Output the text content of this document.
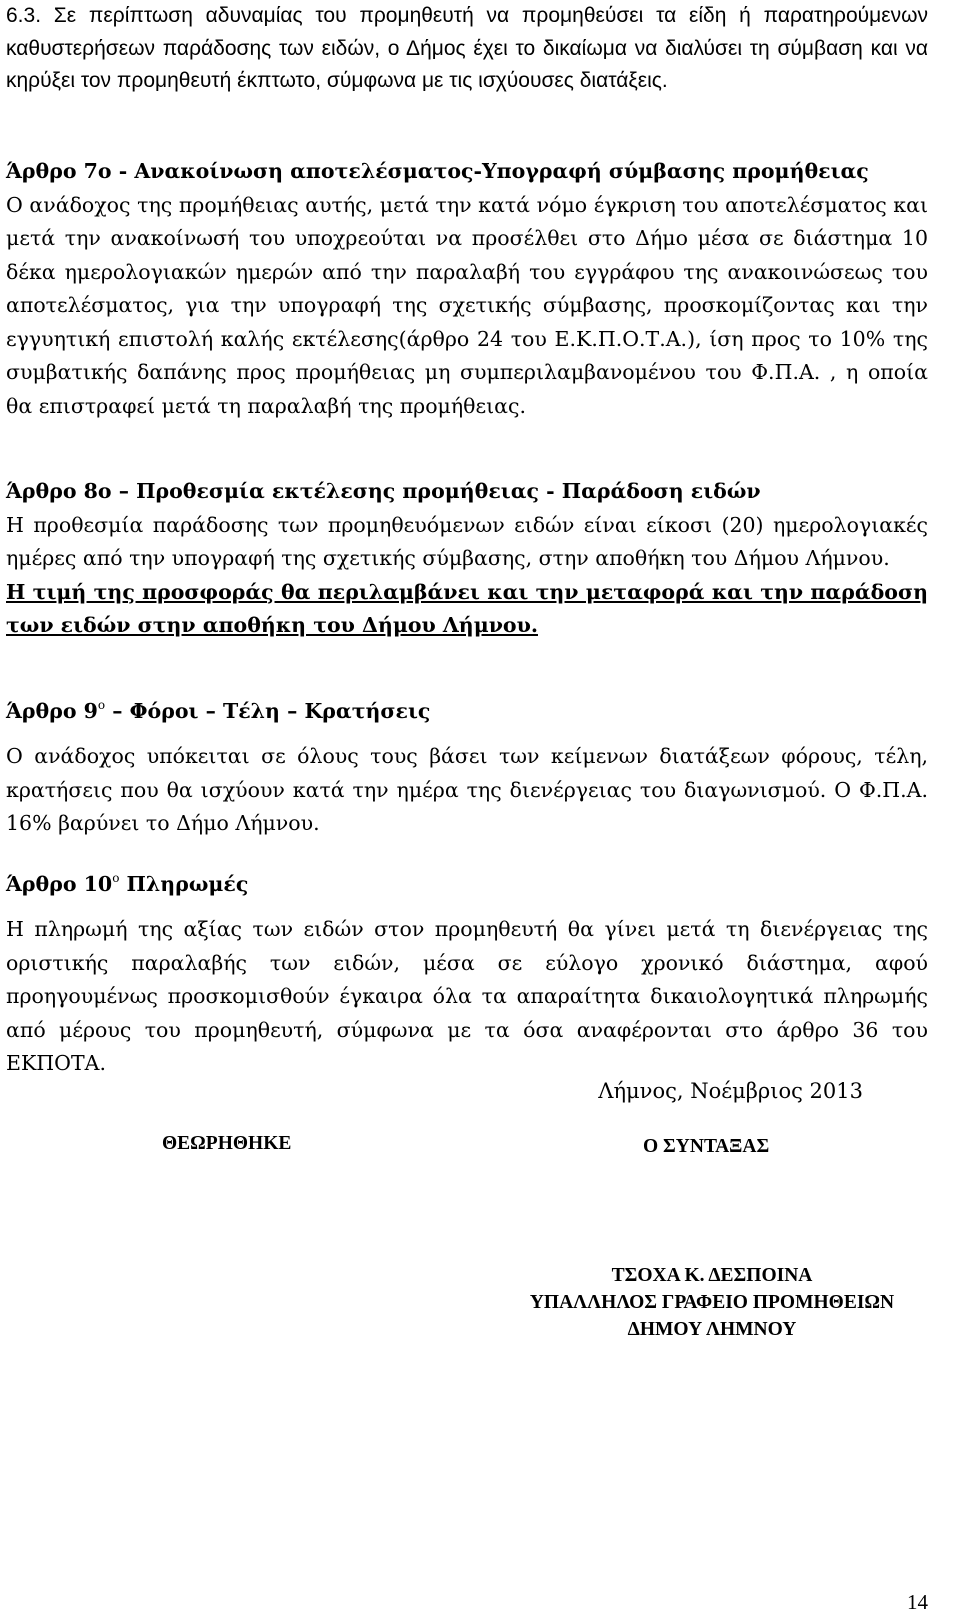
6.3. Σε περίπτωση αδυναμίας του προμηθευτή να προμηθεύσει τα είδη ή παρατηρούμενων καθυστερήσεων παράδοσης των ειδών, ο Δήμος έχει το δικαίωμα να διαλύσει τη σύμβαση και να κηρύξει τον προμηθευτή έκπτωτο, σύμφωνα με τις ισχύουσες διατάξεις.

Άρθρο 7ο - Ανακοίνωση αποτελέσματος-Υπογραφή σύμβασης προμήθειας
Ο ανάδοχος της προμήθειας αυτής, μετά την κατά νόμο έγκριση του αποτελέσματος και μετά την ανακοίνωσή του υποχρεούται να προσέλθει στο Δήμο μέσα σε διάστημα 10 δέκα ημερολογιακών ημερών από την παραλαβή του εγγράφου της ανακοινώσεως του αποτελέσματος, για την υπογραφή της σχετικής σύμβασης, προσκομίζοντας και την εγγυητική επιστολή καλής εκτέλεσης(άρθρο 24 του Ε.Κ.Π.Ο.Τ.Α.), ίση προς το 10% της συμβατικής δαπάνης προς προμήθειας μη συμπεριλαμβανομένου του Φ.Π.Α. , η οποία θα επιστραφεί μετά τη παραλαβή της προμήθειας.
Άρθρο 8ο – Προθεσμία εκτέλεσης προμήθειας - Παράδοση ειδών
Η προθεσμία παράδοσης των προμηθευόμενων ειδών είναι είκοσι (20) ημερολογιακές ημέρες από την υπογραφή της σχετικής σύμβασης, στην αποθήκη του Δήμου Λήμνου.
Η τιμή της προσφοράς θα περιλαμβάνει και την μεταφορά και την παράδοση των ειδών στην αποθήκη του Δήμου Λήμνου.
Άρθρο $9^o$ – Φόροι – Τέλη – Κρατήσεις

Ο ανάδοχος υπόκειται σε όλους τους βάσει των κείμενων διατάξεων φόρους, τέλη, κρατήσεις που θα ισχύουν κατά την ημέρα της διενέργειας του διαγωνισμού. Ο Φ.Π.Α. 16% βαρύνει το Δήμο Λήμνου.

Άρθρο $10^o$ Πληρωμές

Η πληρωμή της αξίας των ειδών στον προμηθευτή θα γίνει μετά τη διενέργειας της οριστικής παραλαβής των ειδών, μέσα σε εύλογο χρονικό διάστημα, αφού προηγουμένως προσκομισθούν έγκαιρα όλα τα απαραίτητα δικαιολογητικά πληρωμής από μέρους του προμηθευτή, σύμφωνα με τα όσα αναφέρονται στο άρθρο 36 του ΕΚΠΟΤΑ.

Λήμνος, Νοέμβριος 2013
ΘΕΩΡΗΘΗΚΕ	Ο ΣΥΝΤΑΞΑΣ
ΤΣΟΧΑ Κ. ΔΕΣΠΟΙΝΑ
ΥΠΑΛΛΗΛΟΣ ΓΡΑΦΕΙΟ ΠΡΟΜΗΘΕΙΩΝ
ΔΗΜΟΥ ΛΗΜΝΟΥ
14
